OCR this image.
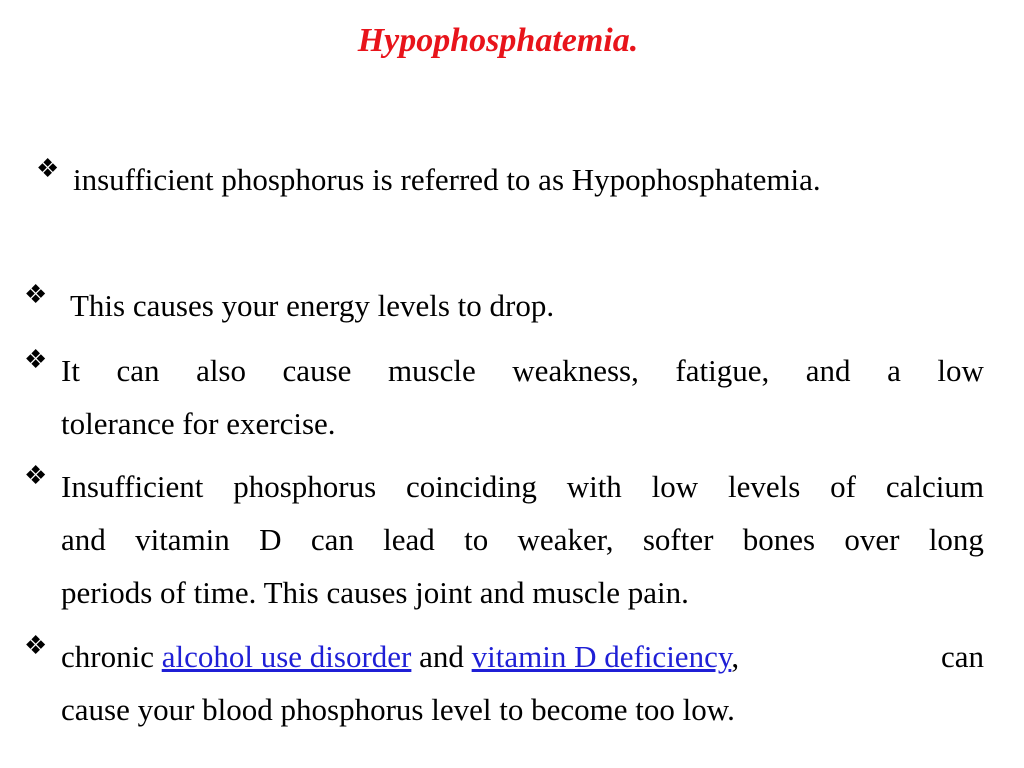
Hypophosphatemia.
❖ insufficient phosphorus is referred to as Hypophosphatemia.
❖ This causes your energy levels to drop.
❖ It can also cause muscle weakness, fatigue, and a low
tolerance for exercise.
❖ Insufficient phosphorus coinciding with low levels of calcium
and vitamin D can lead to weaker, softer bones over long
periods of time. This causes joint and muscle pain.
❖ chronic alcohol use disorder and vitamin D deficiency,	can
cause your blood phosphorus level to become too low.
